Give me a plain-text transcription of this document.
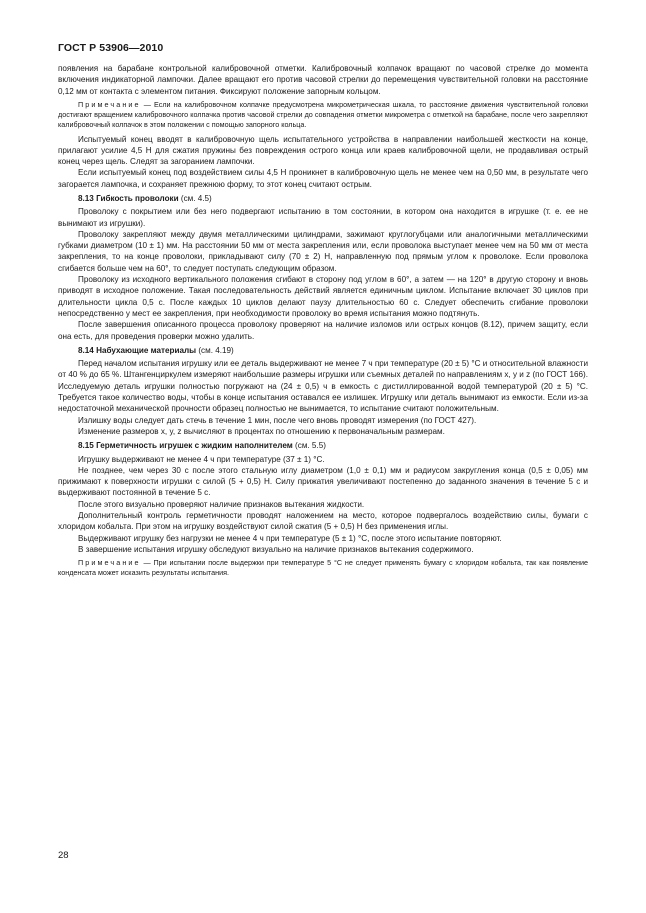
ГОСТ Р 53906—2010

появления на барабане контрольной калибровочной отметки. Калибровочный колпачок вращают по часовой стрелке до момента включения индикаторной лампочки. Далее вращают его против часовой стрелки до перемещения чувствительной головки на расстояние 0,12 мм от контакта с элементом питания. Фиксируют положение запорным кольцом.

Примечание — Если на калибровочном колпачке предусмотрена микрометрическая шкала, то расстояние движения чувствительной головки достигают вращением калибровочного колпачка против часовой стрелки до совпадения отметки микрометра с отметкой на барабане, после чего закрепляют калибровочный колпачок в этом положении с помощью запорного кольца.

Испытуемый конец вводят в калибровочную щель испытательного устройства в направлении наибольшей жесткости на конце, прилагают усилие 4,5 Н для сжатия пружины без повреждения острого конца или краев калибровочной щели, не продавливая острый конец через щель. Следят за загоранием лампочки.

Если испытуемый конец под воздействием силы 4,5 Н проникнет в калибровочную щель не менее чем на 0,50 мм, в результате чего загорается лампочка, и сохраняет прежнюю форму, то этот конец считают острым.

8.13 Гибкость проволоки (см. 4.5)

Проволоку с покрытием или без него подвергают испытанию в том состоянии, в котором она находится в игрушке (т. е. ее не вынимают из игрушки).

Проволоку закрепляют между двумя металлическими цилиндрами, зажимают круглогубцами или аналогичными металлическими губками диаметром (10 ± 1) мм. На расстоянии 50 мм от места закрепления или, если проволока выступает менее чем на 50 мм от места закрепления, то на конце проволоки, прикладывают силу (70 ± 2) Н, направленную под прямым углом к проволоке. Если проволока сгибается больше чем на 60°, то следует поступать следующим образом.

Проволоку из исходного вертикального положения сгибают в сторону под углом в 60°, а затем — на 120° в другую сторону и вновь приводят в исходное положение. Такая последовательность действий является единичным циклом. Испытание включает 30 циклов при длительности цикла 0,5 с. После каждых 10 циклов делают паузу длительностью 60 с. Следует обеспечить сгибание проволоки непосредственно у мест ее закрепления, при необходимости проволоку во время испытания можно подтянуть.

После завершения описанного процесса проволоку проверяют на наличие изломов или острых концов (8.12), причем защиту, если она есть, для проведения проверки можно удалить.

8.14 Набухающие материалы (см. 4.19)

Перед началом испытания игрушку или ее деталь выдерживают не менее 7 ч при температуре (20 ± 5) °С и относительной влажности от 40 % до 65 %. Штангенциркулем измеряют наибольшие размеры игрушки или съемных деталей по направлениям x, y и z (по ГОСТ 166). Исследуемую деталь игрушки полностью погружают на (24 ± 0,5) ч в емкость с дистиллированной водой температурой (20 ± 5) °С. Требуется такое количество воды, чтобы в конце испытания оставался ее излишек. Игрушку или деталь вынимают из емкости. Если из-за недостаточной механической прочности образец полностью не вынимается, то испытание считают положительным.

Излишку воды следует дать стечь в течение 1 мин, после чего вновь проводят измерения (по ГОСТ 427).

Изменение размеров x, y, z вычисляют в процентах по отношению к первоначальным размерам.

8.15 Герметичность игрушек с жидким наполнителем (см. 5.5)

Игрушку выдерживают не менее 4 ч при температуре (37 ± 1) °С.

Не позднее, чем через 30 с после этого стальную иглу диаметром (1,0 ± 0,1) мм и радиусом закругления конца (0,5 ± 0,05) мм прижимают к поверхности игрушки с силой (5 + 0,5) Н. Силу прижатия увеличивают постепенно до заданного значения в течение 5 с и выдерживают постоянной в течение 5 с.

После этого визуально проверяют наличие признаков вытекания жидкости.

Дополнительный контроль герметичности проводят наложением на место, которое подвергалось воздействию силы, бумаги с хлоридом кобальта. При этом на игрушку воздействуют силой сжатия (5 + 0,5) Н без применения иглы.

Выдерживают игрушку без нагрузки не менее 4 ч при температуре (5 ± 1) °С, после этого испытание повторяют.

В завершение испытания игрушку обследуют визуально на наличие признаков вытекания содержимого.

Примечание — При испытании после выдержки при температуре 5 °С не следует применять бумагу с хлоридом кобальта, так как появление конденсата может исказить результаты испытания.

28
